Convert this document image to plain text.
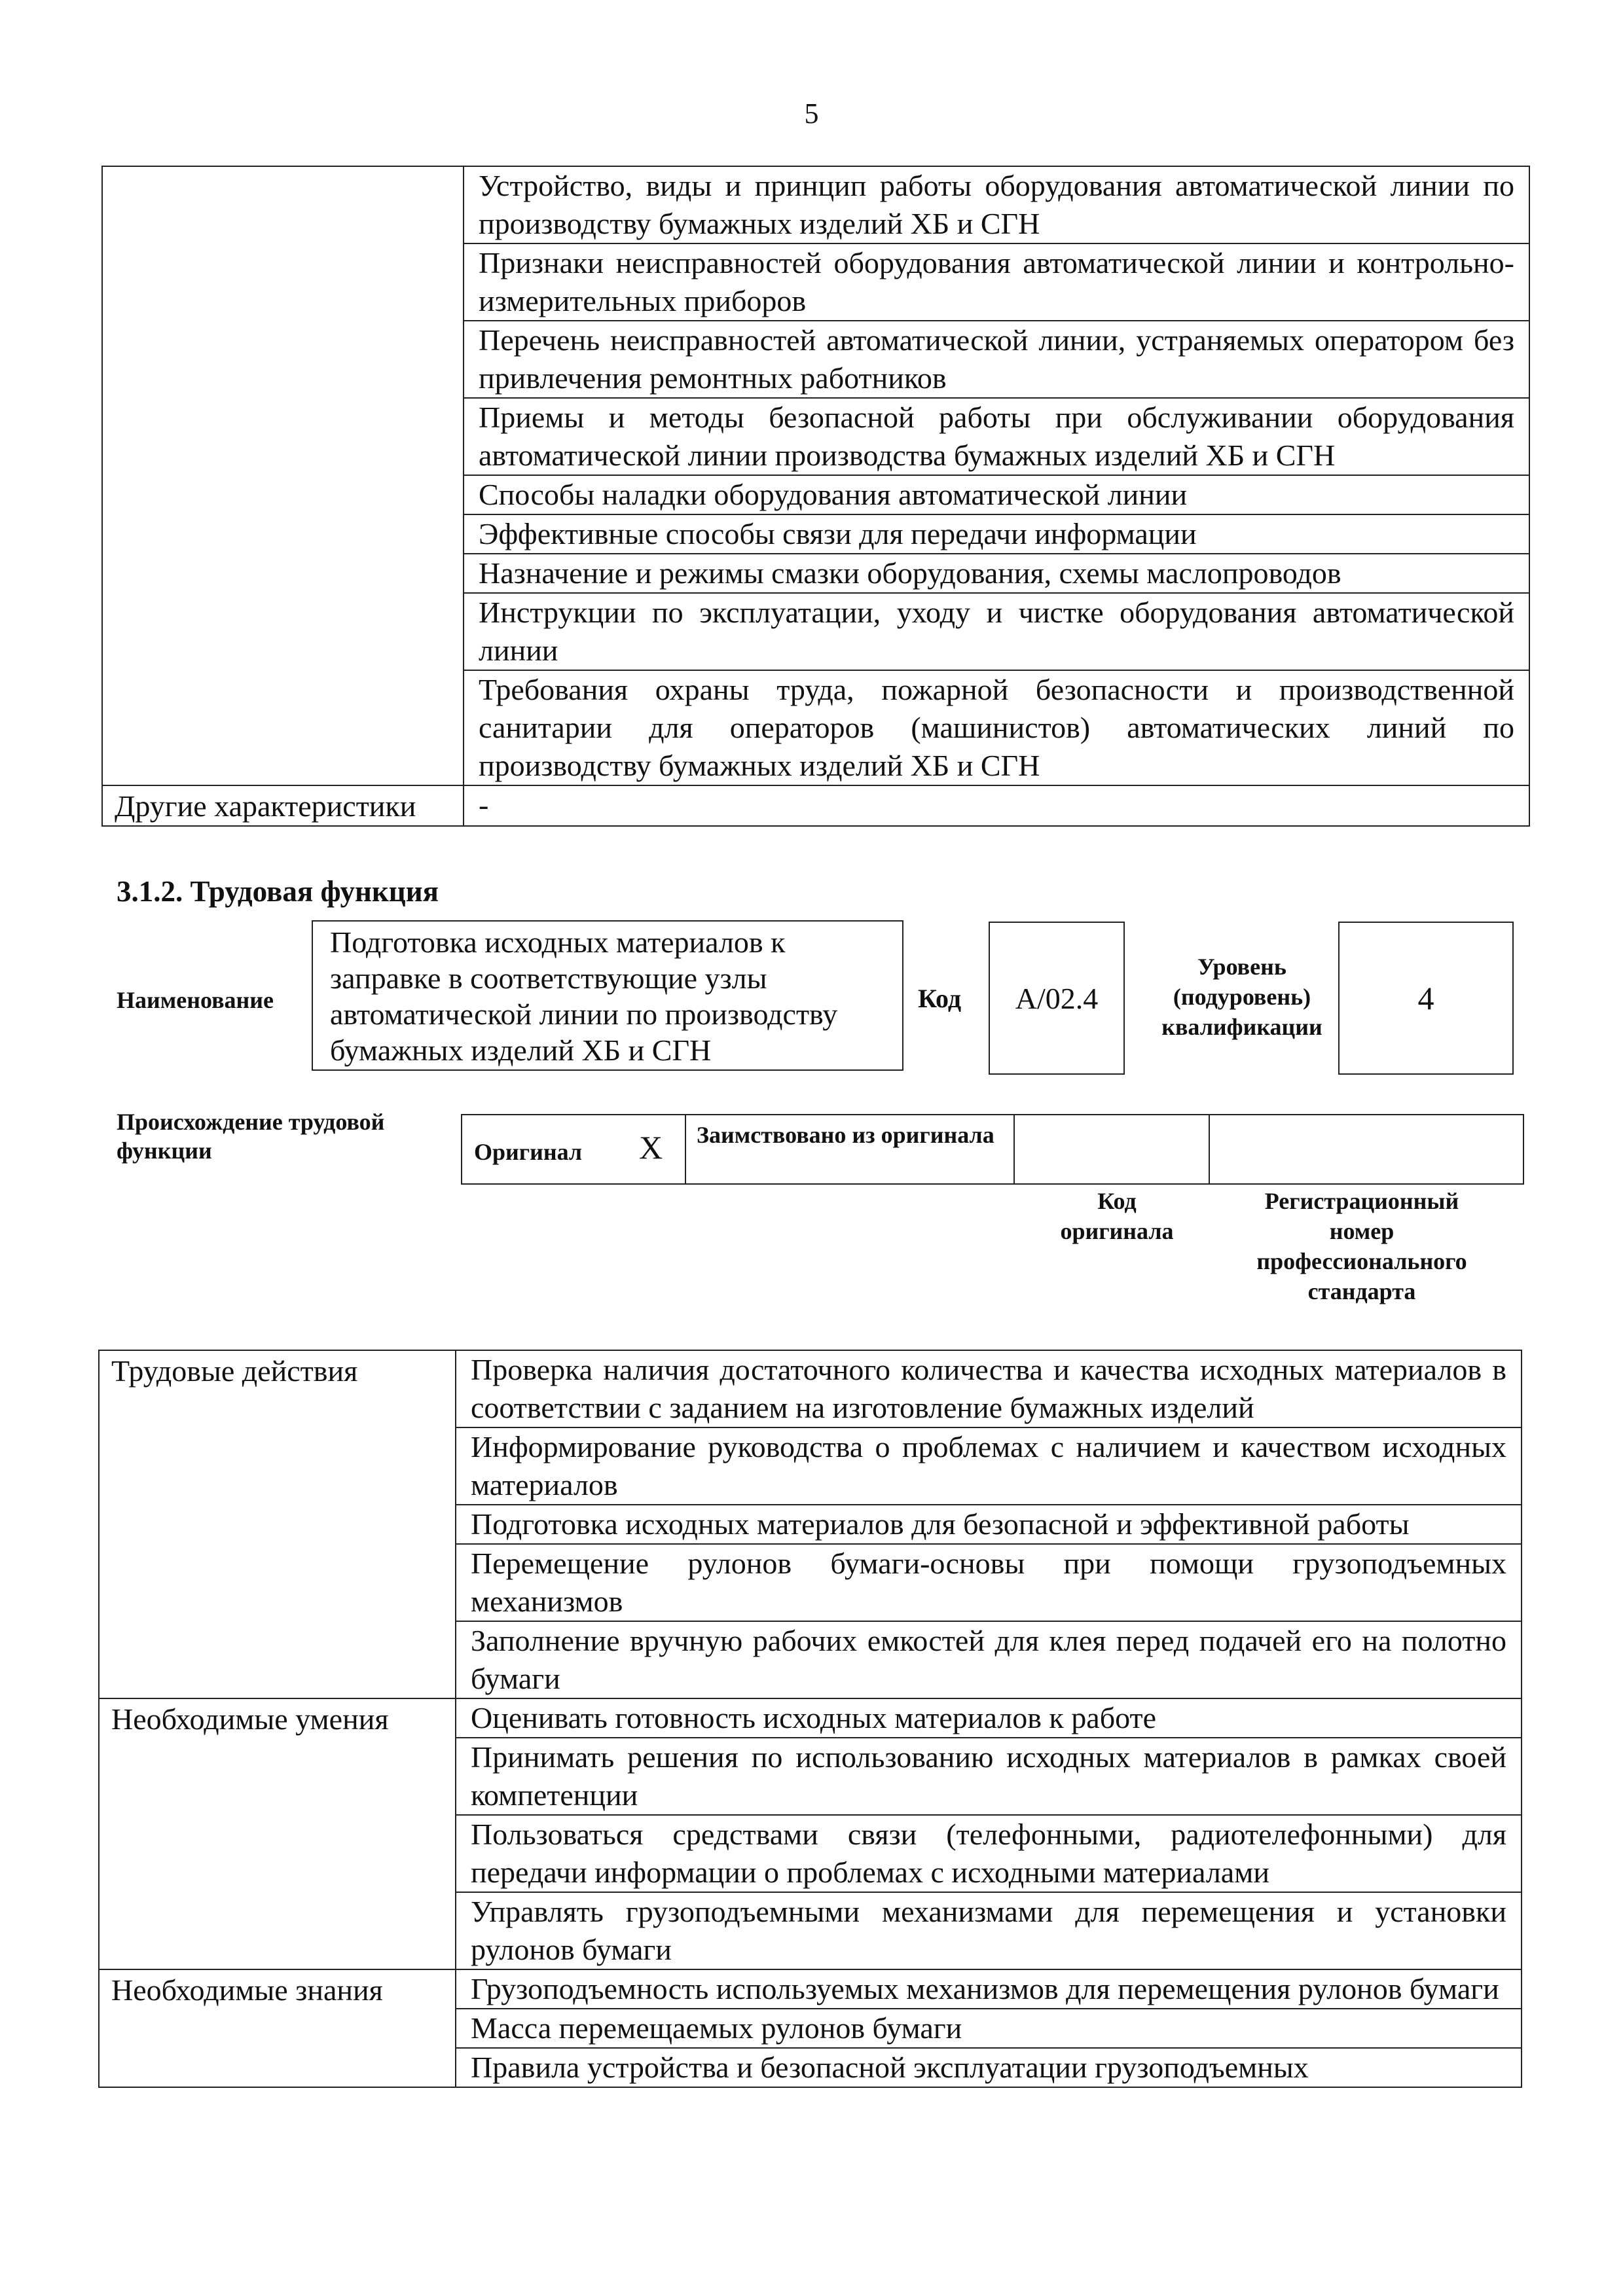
5

	Устройство, виды и принцип работы оборудования автоматической линии по производству бумажных изделий ХБ и СГН
	Признаки неисправностей оборудования автоматической линии и контрольно-измерительных приборов
	Перечень неисправностей автоматической линии, устраняемых оператором без привлечения ремонтных работников
	Приемы и методы безопасной работы при обслуживании оборудования автоматической линии производства бумажных изделий ХБ и СГН
	Способы наладки оборудования автоматической линии
	Эффективные способы связи для передачи информации
	Назначение и режимы смазки оборудования, схемы маслопроводов
	Инструкции по эксплуатации, уходу и чистке оборудования автоматической линии
	Требования охраны труда, пожарной безопасности и производственной санитарии для операторов (машинистов) автоматических линий по производству бумажных изделий ХБ и СГН
Другие характеристики	-
3.1.2. Трудовая функция
Наименование
Подготовка исходных материалов к заправке в соответствующие узлы автоматической линии по производству бумажных изделий ХБ и СГН
Код	А/02.4
Уровень (подуровень) квалификации
4
Происхождение трудовой функции	Оригинал X Заимствовано из оригинала
Код оригинала
Регистрационный номер профессионального стандарта
Трудовые действия	Проверка наличия достаточного количества и качества исходных материалов в соответствии с заданием на изготовление бумажных изделий
	Информирование руководства о проблемах с наличием и качеством исходных материалов
	Подготовка исходных материалов для безопасной и эффективной работы
	Перемещение рулонов бумаги-основы при помощи грузоподъемных механизмов
	Заполнение вручную рабочих емкостей для клея перед подачей его на полотно бумаги
Необходимые умения	Оценивать готовность исходных материалов к работе
	Принимать решения по использованию исходных материалов в рамках своей компетенции
	Пользоваться средствами связи (телефонными, радиотелефонными) для передачи информации о проблемах с исходными материалами
	Управлять грузоподъемными механизмами для перемещения и установки рулонов бумаги
Необходимые знания	Грузоподъемность используемых механизмов для перемещения рулонов бумаги
	Масса перемещаемых рулонов бумаги
	Правила устройства и безопасной эксплуатации грузоподъемных
